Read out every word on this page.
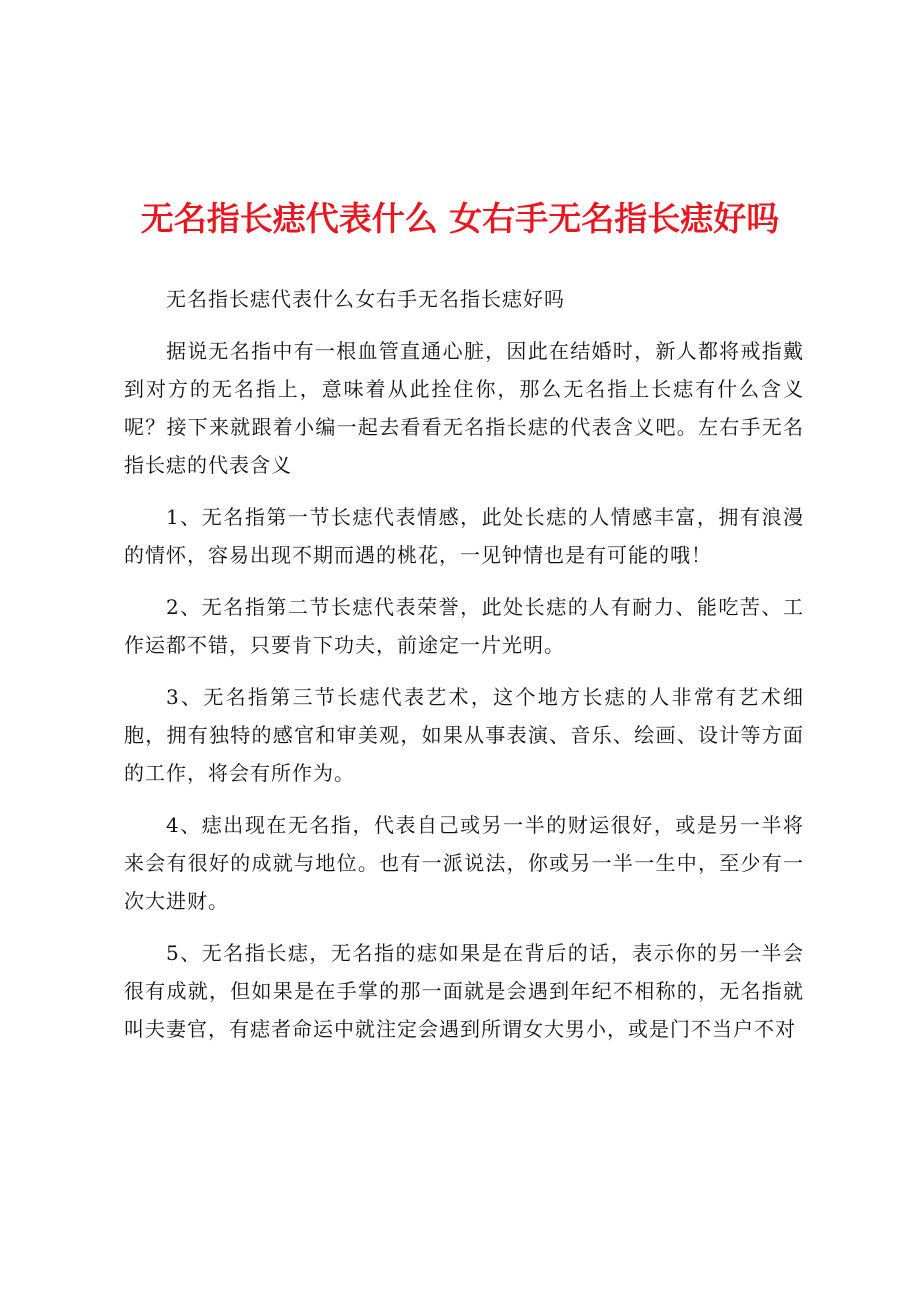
无名指长痣代表什么 女右手无名指长痣好吗

无名指长痣代表什么女右手无名指长痣好吗

据说无名指中有一根血管直通心脏，因此在结婚时，新人都将戒指戴到对方的无名指上，意味着从此拴住你，那么无名指上长痣有什么含义呢？接下来就跟着小编一起去看看无名指长痣的代表含义吧。左右手无名指长痣的代表含义

1、无名指第一节长痣代表情感，此处长痣的人情感丰富，拥有浪漫的情怀，容易出现不期而遇的桃花，一见钟情也是有可能的哦！

2、无名指第二节长痣代表荣誉，此处长痣的人有耐力、能吃苦、工作运都不错，只要肯下功夫，前途定一片光明。

3、无名指第三节长痣代表艺术，这个地方长痣的人非常有艺术细胞，拥有独特的感官和审美观，如果从事表演、音乐、绘画、设计等方面的工作，将会有所作为。

4、痣出现在无名指，代表自己或另一半的财运很好，或是另一半将来会有很好的成就与地位。也有一派说法，你或另一半一生中，至少有一次大进财。

5、无名指长痣，无名指的痣如果是在背后的话，表示你的另一半会很有成就，但如果是在手掌的那一面就是会遇到年纪不相称的，无名指就叫夫妻官，有痣者命运中就注定会遇到所谓女大男小，或是门不当户不对
